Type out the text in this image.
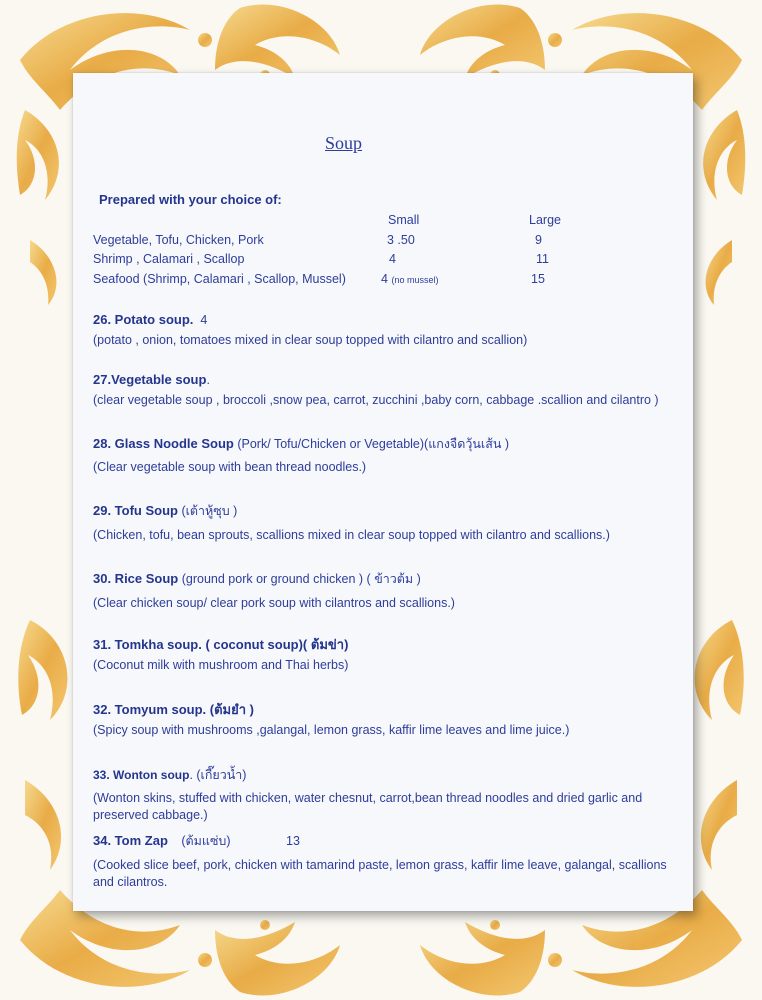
Soup
Prepared with your choice of:
Small	Large
Vegetable, Tofu, Chicken, Pork	3 .50	9
Shrimp , Calamari , Scallop	4	11
Seafood (Shrimp, Calamari , Scallop, Mussel)	4 (no mussel)	15
26. Potato soup. 4
(potato , onion, tomatoes mixed in clear soup topped with cilantro and scallion)
27.Vegetable soup.
(clear vegetable soup , broccoli ,snow pea, carrot, zucchini ,baby corn, cabbage .scallion and cilantro )
28. Glass Noodle Soup (Pork/ Tofu/Chicken or Vegetable)(แกงจืดวุ้นเส้น )
(Clear vegetable soup with bean thread noodles.)
29. Tofu Soup (เต้าหู้ซุบ )
(Chicken, tofu, bean sprouts, scallions mixed in clear soup topped with cilantro and scallions.)
30. Rice Soup (ground pork or ground chicken ) ( ข้าวต้ม )
(Clear chicken soup/ clear pork soup with cilantros and scallions.)
31. Tomkha soup. ( coconut soup)( ต้มข่า)
(Coconut milk with mushroom and Thai herbs)
32. Tomyum soup. (ต้มยำ )
(Spicy soup with mushrooms ,galangal, lemon grass, kaffir lime leaves and lime juice.)
33. Wonton soup. (เกี๊ยวน้ำ)
(Wonton skins, stuffed with chicken, water chesnut, carrot,bean thread noodles and dried garlic and preserved cabbage.)
34. Tom Zap (ต้มแซ่บ)	13
(Cooked slice beef, pork, chicken with tamarind paste, lemon grass, kaffir lime leave, galangal, scallions and cilantros.
